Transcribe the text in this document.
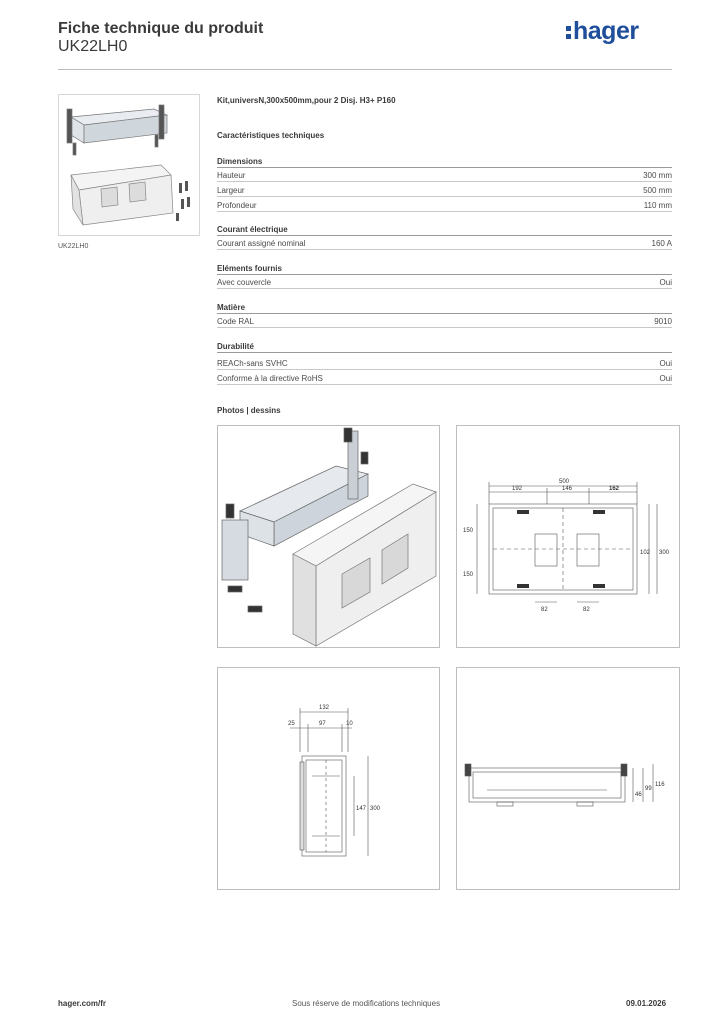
Fiche technique du produit
UK22LH0
hager
UK22LH0
Kit,universN,300x500mm,pour 2 Disj. H3+ P160
Caractéristiques techniques
Dimensions
Hauteur	300 mm
Largeur	500 mm
Profondeur	110 mm
Courant électrique
Courant assigné nominal	160 A
Eléments fournis
Avec couvercle	Oui
Matière
Code RAL	9010
Durabilité
REACh-sans SVHC	Oui
Conforme à la directive RoHS	Oui
Photos | dessins
500
192	146	162
150
150
102 300
82	82
132
25	97	10
147 300
46
99
116
hager.com/fr	Sous réserve de modifications techniques	09.01.2026
